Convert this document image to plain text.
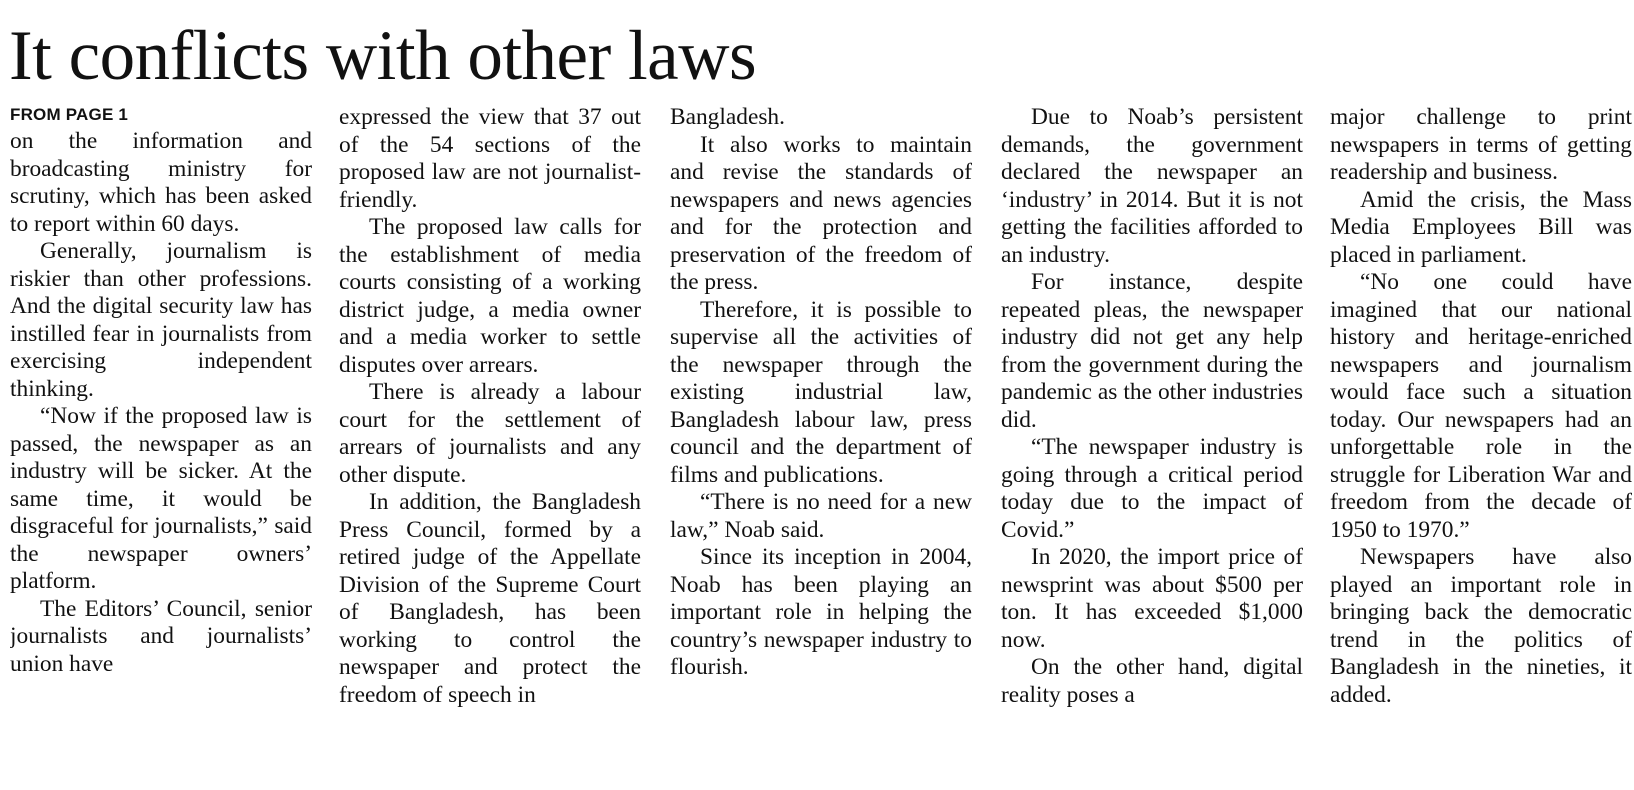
It conflicts with other laws
FROM PAGE 1

on the information and broadcasting ministry for scrutiny, which has been asked to report within 60 days.

Generally, journalism is riskier than other professions. And the digital security law has instilled fear in journalists from exercising independent thinking.

“Now if the proposed law is passed, the newspaper as an industry will be sicker. At the same time, it would be disgraceful for journalists,” said the newspaper owners’ platform.

The Editors’ Council, senior journalists and journalists’ union have

expressed the view that 37 out of the 54 sections of the proposed law are not journalist-friendly.

The proposed law calls for the establishment of media courts consisting of a working district judge, a media owner and a media worker to settle disputes over arrears.

There is already a labour court for the settlement of arrears of journalists and any other dispute.

In addition, the Bangladesh Press Council, formed by a retired judge of the Appellate Division of the Supreme Court of Bangladesh, has been working to control the newspaper and protect the freedom of speech in

Bangladesh.

It also works to maintain and revise the standards of newspapers and news agencies and for the protection and preservation of the freedom of the press.

Therefore, it is possible to supervise all the activities of the newspaper through the existing industrial law, Bangladesh labour law, press council and the department of films and publications.

“There is no need for a new law,” Noab said.

Since its inception in 2004, Noab has been playing an important role in helping the country’s newspaper industry to flourish.

Due to Noab’s persistent demands, the government declared the newspaper an ‘industry’ in 2014. But it is not getting the facilities afforded to an industry.

For instance, despite repeated pleas, the newspaper industry did not get any help from the government during the pandemic as the other industries did.

“The newspaper industry is going through a critical period today due to the impact of Covid.”

In 2020, the import price of newsprint was about $500 per ton. It has exceeded $1,000 now.

On the other hand, digital reality poses a

major challenge to print newspapers in terms of getting readership and business.

Amid the crisis, the Mass Media Employees Bill was placed in parliament.

“No one could have imagined that our national history and heritage-enriched newspapers and journalism would face such a situation today. Our newspapers had an unforgettable role in the struggle for Liberation War and freedom from the decade of 1950 to 1970.”

Newspapers have also played an important role in bringing back the democratic trend in the politics of Bangladesh in the nineties, it added.
